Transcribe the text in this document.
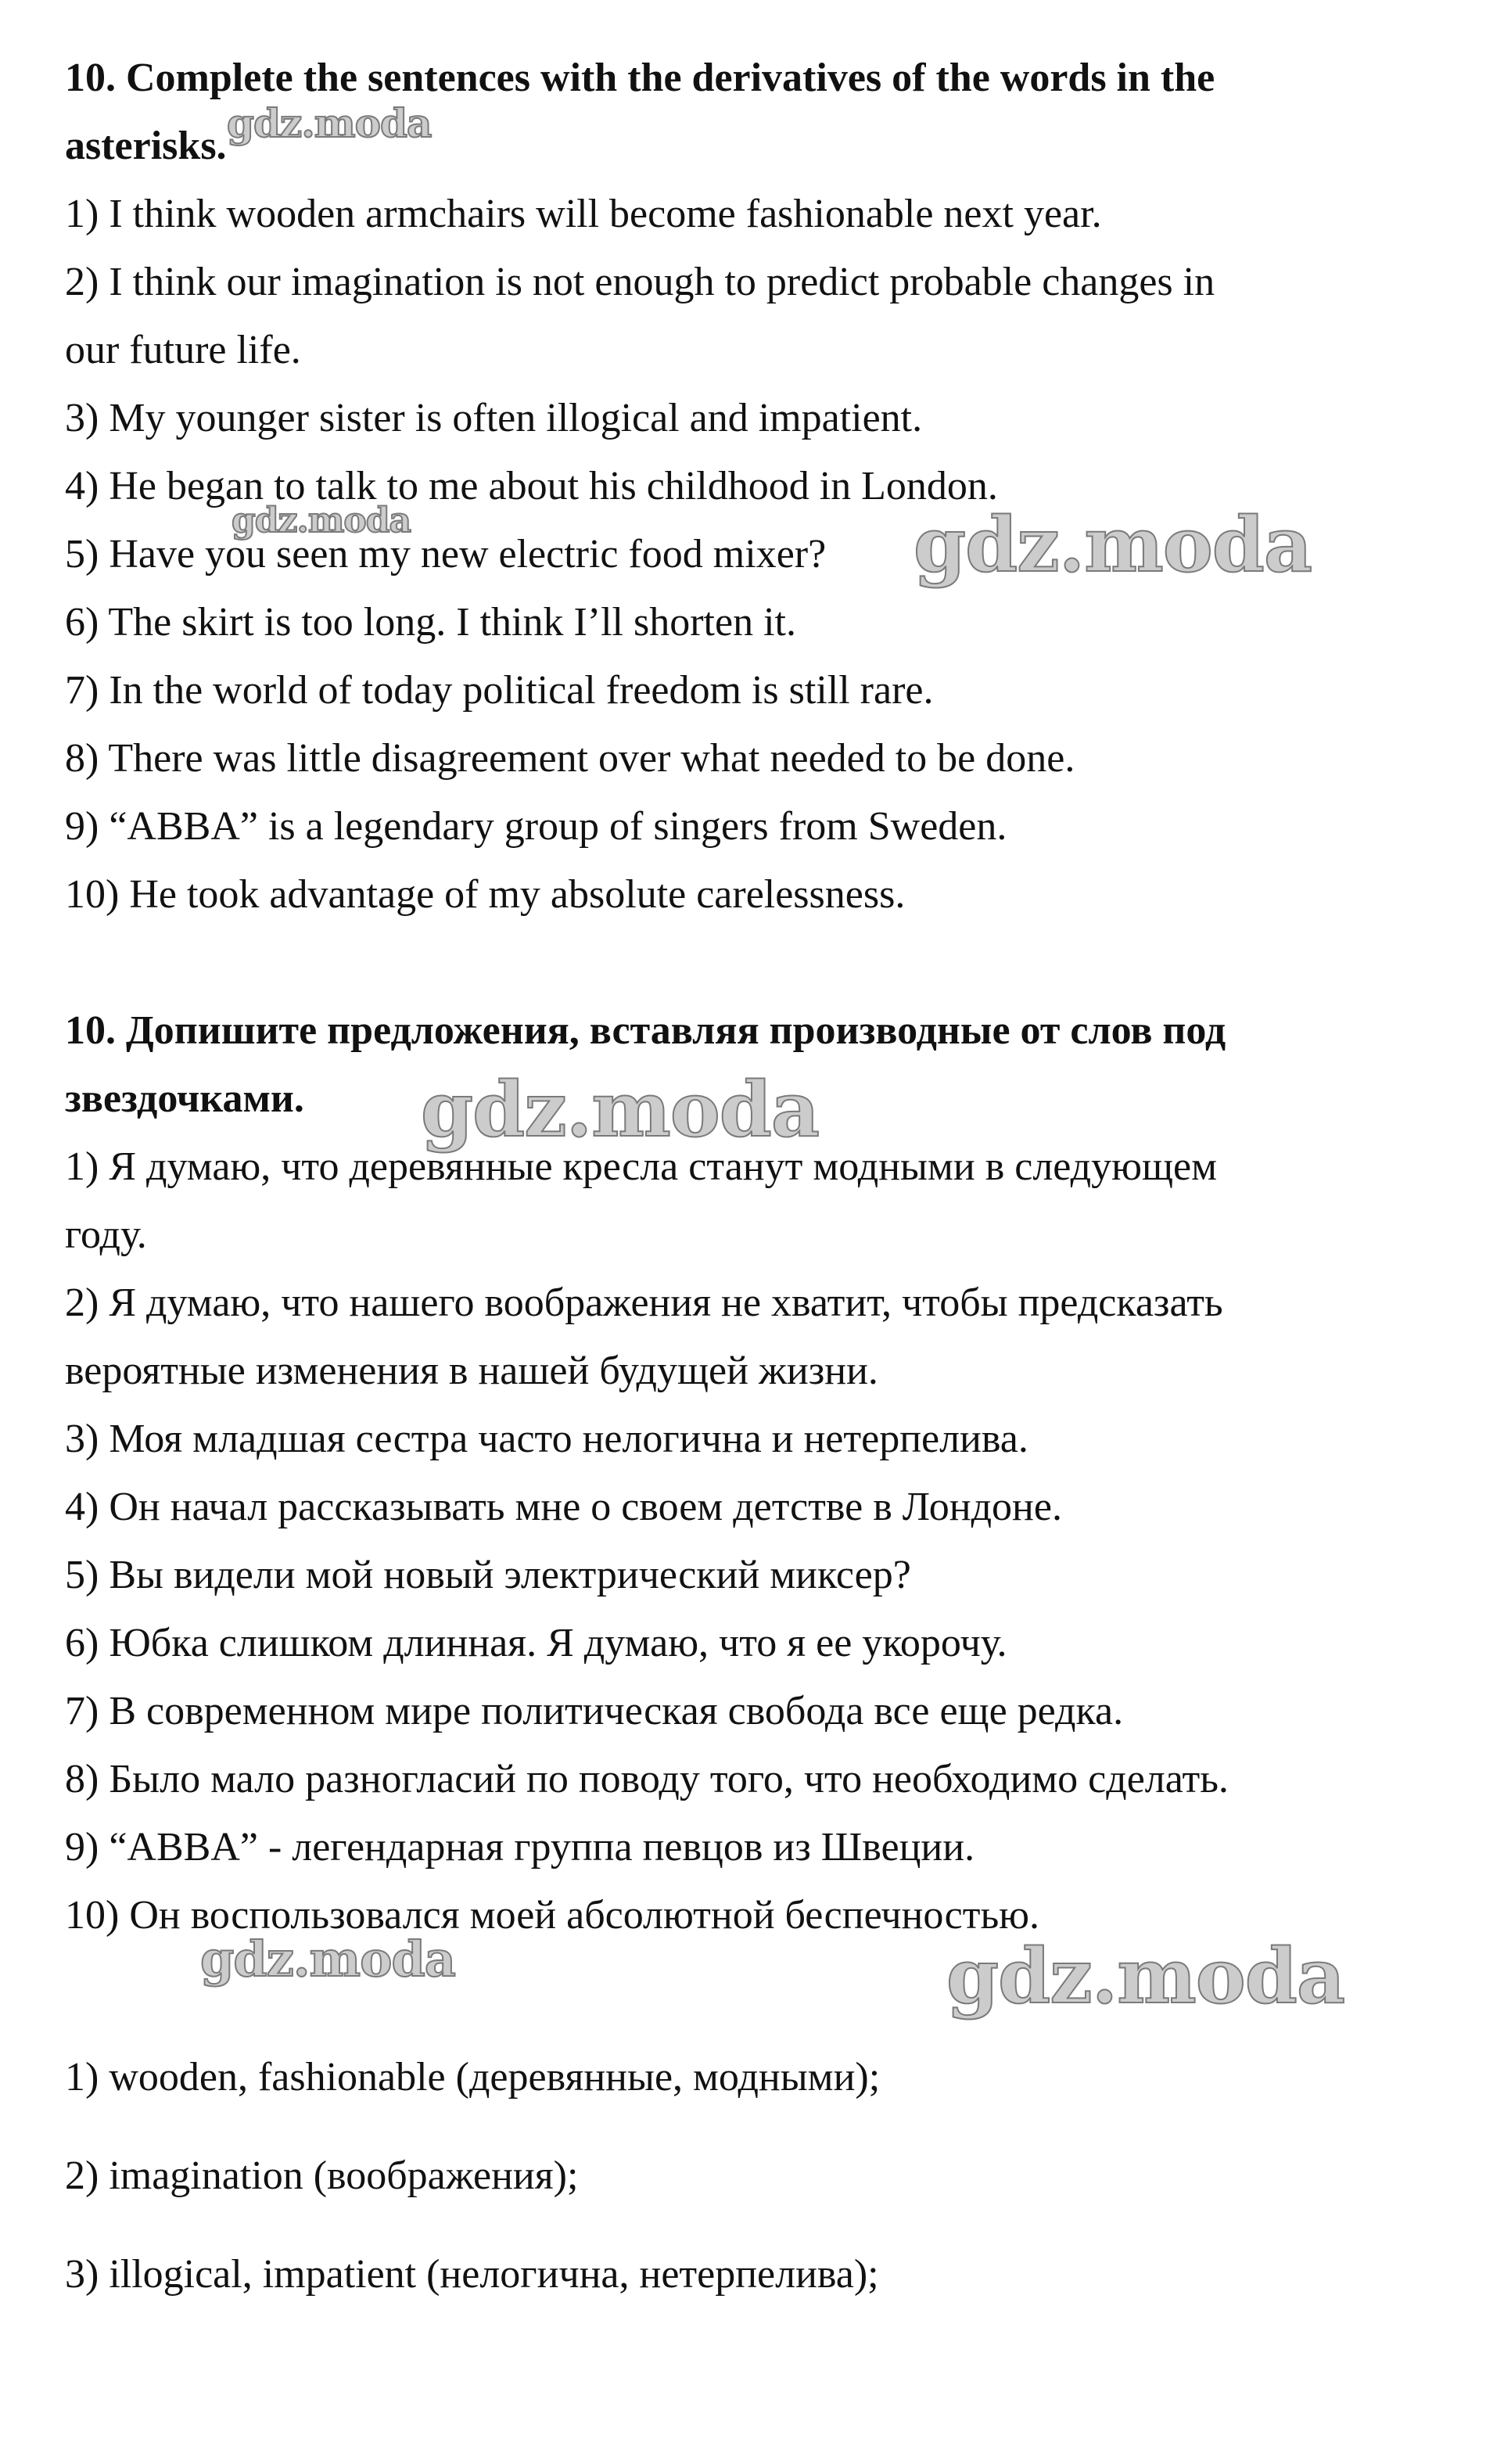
10. Complete the sentences with the derivatives of the words in the

asterisks.

1) I think wooden armchairs will become fashionable next year.

2) I think our imagination is not enough to predict probable changes in

our future life.

3) My younger sister is often illogical and impatient.

4) He began to talk to me about his childhood in London.

5) Have you seen my new electric food mixer?

6) The skirt is too long. I think I’ll shorten it.

7) In the world of today political freedom is still rare.

8) There was little disagreement over what needed to be done.

9) “ABBA” is a legendary group of singers from Sweden.

10) He took advantage of my absolute carelessness.

10. Допишите предложения, вставляя производные от слов под

звездочками.

1) Я думаю, что деревянные кресла станут модными в следующем

году.

2) Я думаю, что нашего воображения не хватит, чтобы предсказать

вероятные изменения в нашей будущей жизни.

3) Моя младшая сестра часто нелогична и нетерпелива.

4) Он начал рассказывать мне о своем детстве в Лондоне.

5) Вы видели мой новый электрический миксер?

6) Юбка слишком длинная. Я думаю, что я ее укорочу.

7) В современном мире политическая свобода все еще редка.

8) Было мало разногласий по поводу того, что необходимо сделать.

9) “ABBA” - легендарная группа певцов из Швеции.

10) Он воспользовался моей абсолютной беспечностью.

1) wooden, fashionable (деревянные, модными);

2) imagination (воображения);

3) illogical, impatient (нелогична, нетерпелива);

gdz.moda
gdz.moda	gdz.moda
gdz.moda
gdz.moda	gdz.moda
